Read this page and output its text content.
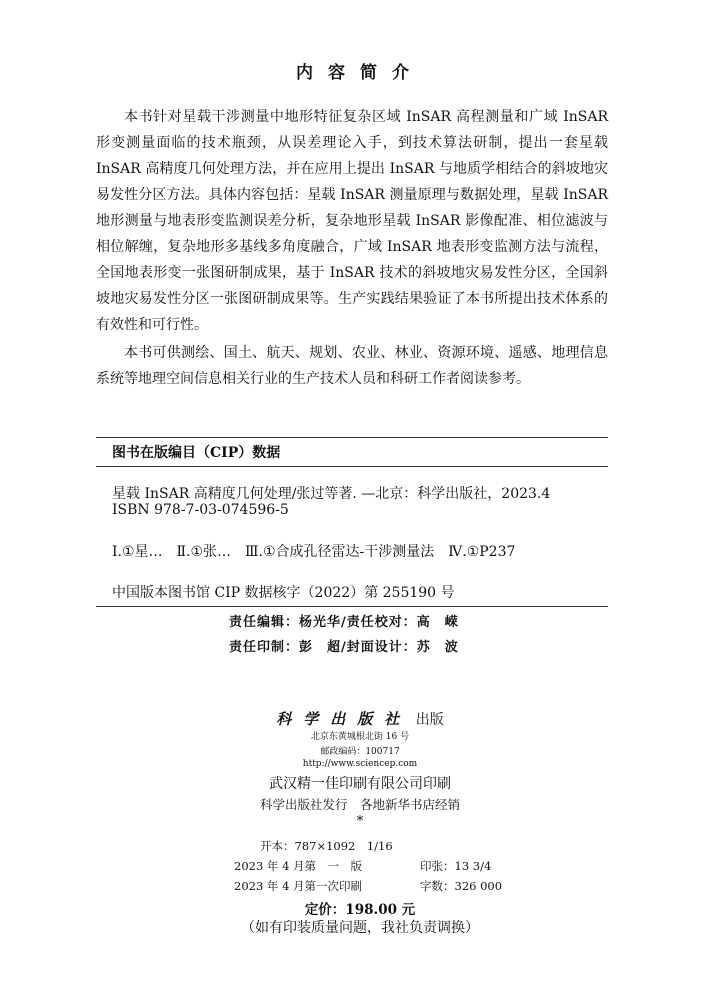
内容简介

本书针对星载干涉测量中地形特征复杂区域 InSAR 高程测量和广域 InSAR 形变测量面临的技术瓶颈，从误差理论入手，到技术算法研制，提出一套星载 InSAR 高精度几何处理方法，并在应用上提出 InSAR 与地质学相结合的斜坡地灾易发性分区方法。具体内容包括：星载 InSAR 测量原理与数据处理，星载 InSAR 地形测量与地表形变监测误差分析，复杂地形星载 InSAR 影像配准、相位滤波与相位解缠，复杂地形多基线多角度融合，广域 InSAR 地表形变监测方法与流程，全国地表形变一张图研制成果，基于 InSAR 技术的斜坡地灾易发性分区，全国斜坡地灾易发性分区一张图研制成果等。生产实践结果验证了本书所提出技术体系的有效性和可行性。

本书可供测绘、国土、航天、规划、农业、林业、资源环境、遥感、地理信息系统等地理空间信息相关行业的生产技术人员和科研工作者阅读参考。

图书在版编目（CIP）数据
星载 InSAR 高精度几何处理/张过等著. —北京：科学出版社，2023.4
ISBN 978-7-03-074596-5
Ⅰ.①星…　Ⅱ.①张…　Ⅲ.①合成孔径雷达-干涉测量法　Ⅳ.①P237
中国版本图书馆 CIP 数据核字（2022）第 255190 号
责任编辑：杨光华/责任校对：高　嵘
责任印制：彭　超/封面设计：苏　波
科学出版社 出版
北京东黄城根北街 16 号
邮政编码：100717
http://www.sciencep.com
武汉精一佳印刷有限公司印刷
科学出版社发行　各地新华书店经销
*
开本：787×1092　1/16
2023 年 4 月第　一　版	印张：13 3/4
2023 年 4 月第一次印刷	字数：326 000
定价：198.00 元
（如有印装质量问题，我社负责调换）
